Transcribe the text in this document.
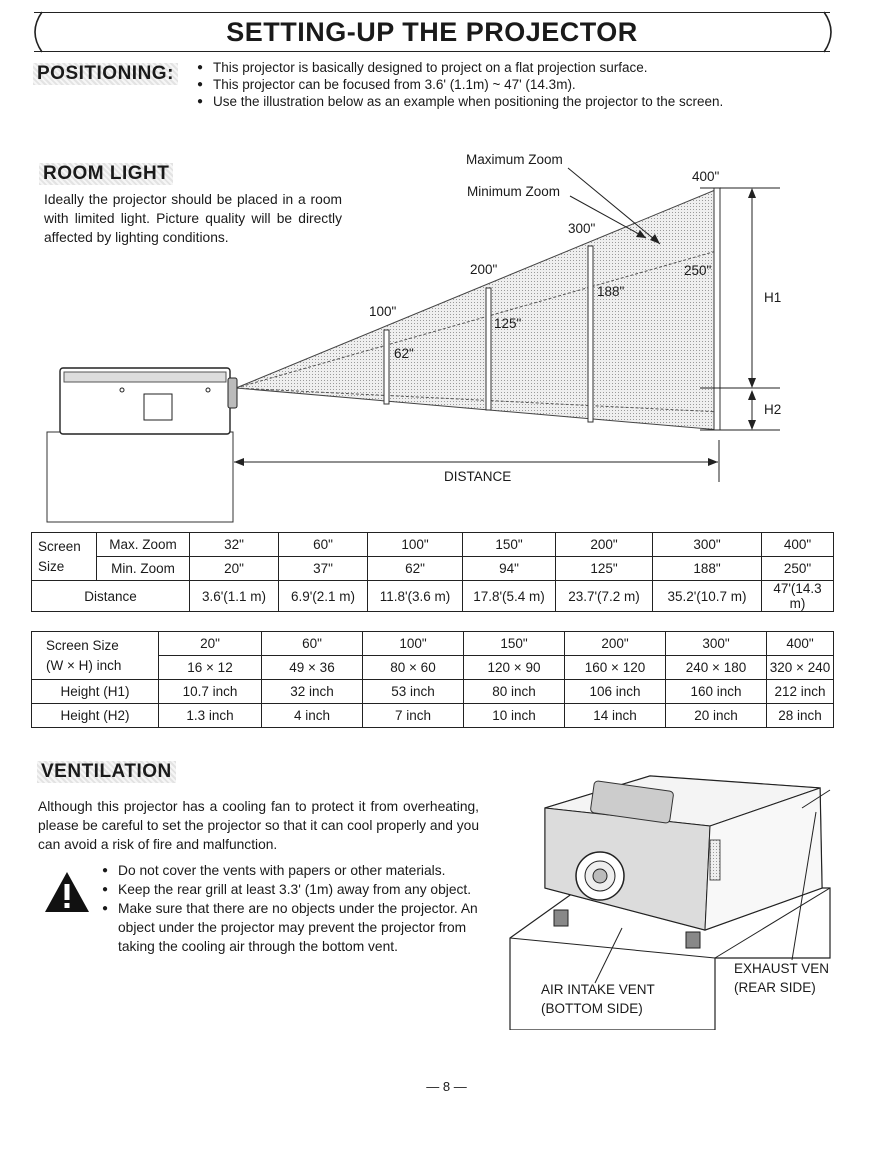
SETTING-UP THE PROJECTOR
POSITIONING:	● This projector is basically designed to project on a flat projection surface.
● This projector can be focused from 3.6' (1.1m) ~ 47' (14.3m).
● Use the illustration below as an example when positioning the projector to the screen.
ROOM LIGHT
Ideally the projector should be placed in a room with limited light. Picture quality will be directly affected by lighting conditions.
Maximum Zoom
Minimum Zoom
100"
200"
300"
400"
62"
125"
188"
250"
H1
H2
DISTANCE
Screen
Size	Max. Zoom	32"	60"	100"	150"	200"	300"	400"
	Min. Zoom	20"	37"	62"	94"	125"	188"	250"
Distance		3.6'(1.1 m)	6.9'(2.1 m)	11.8'(3.6 m)	17.8'(5.4 m)	23.7'(7.2 m)	35.2'(10.7 m)	47'(14.3 m)
Screen Size
(W × H) inch	20"	60"	100"	150"	200"	300"	400"
	16 × 12	49 × 36	80 × 60	120 × 90	160 × 120	240 × 180	320 × 240
Height (H1)	10.7 inch	32 inch	53 inch	80 inch	106 inch	160 inch	212 inch
Height (H2)	1.3 inch	4 inch	7 inch	10 inch	14 inch	20 inch	28 inch
VENTILATION
Although this projector has a cooling fan to protect it from overheating, please be careful to set the projector so that it can cool properly and you can avoid a risk of fire and malfunction.
● Do not cover the vents with papers or other materials.
● Keep the rear grill at least 3.3' (1m) away from any object.
● Make sure that there are no objects under the projector. An object under the projector may prevent the projector from taking the cooling air through the bottom vent.
AIR INTAKE VENT
(BOTTOM SIDE)
EXHAUST VEN
(REAR SIDE)
— 8 —
